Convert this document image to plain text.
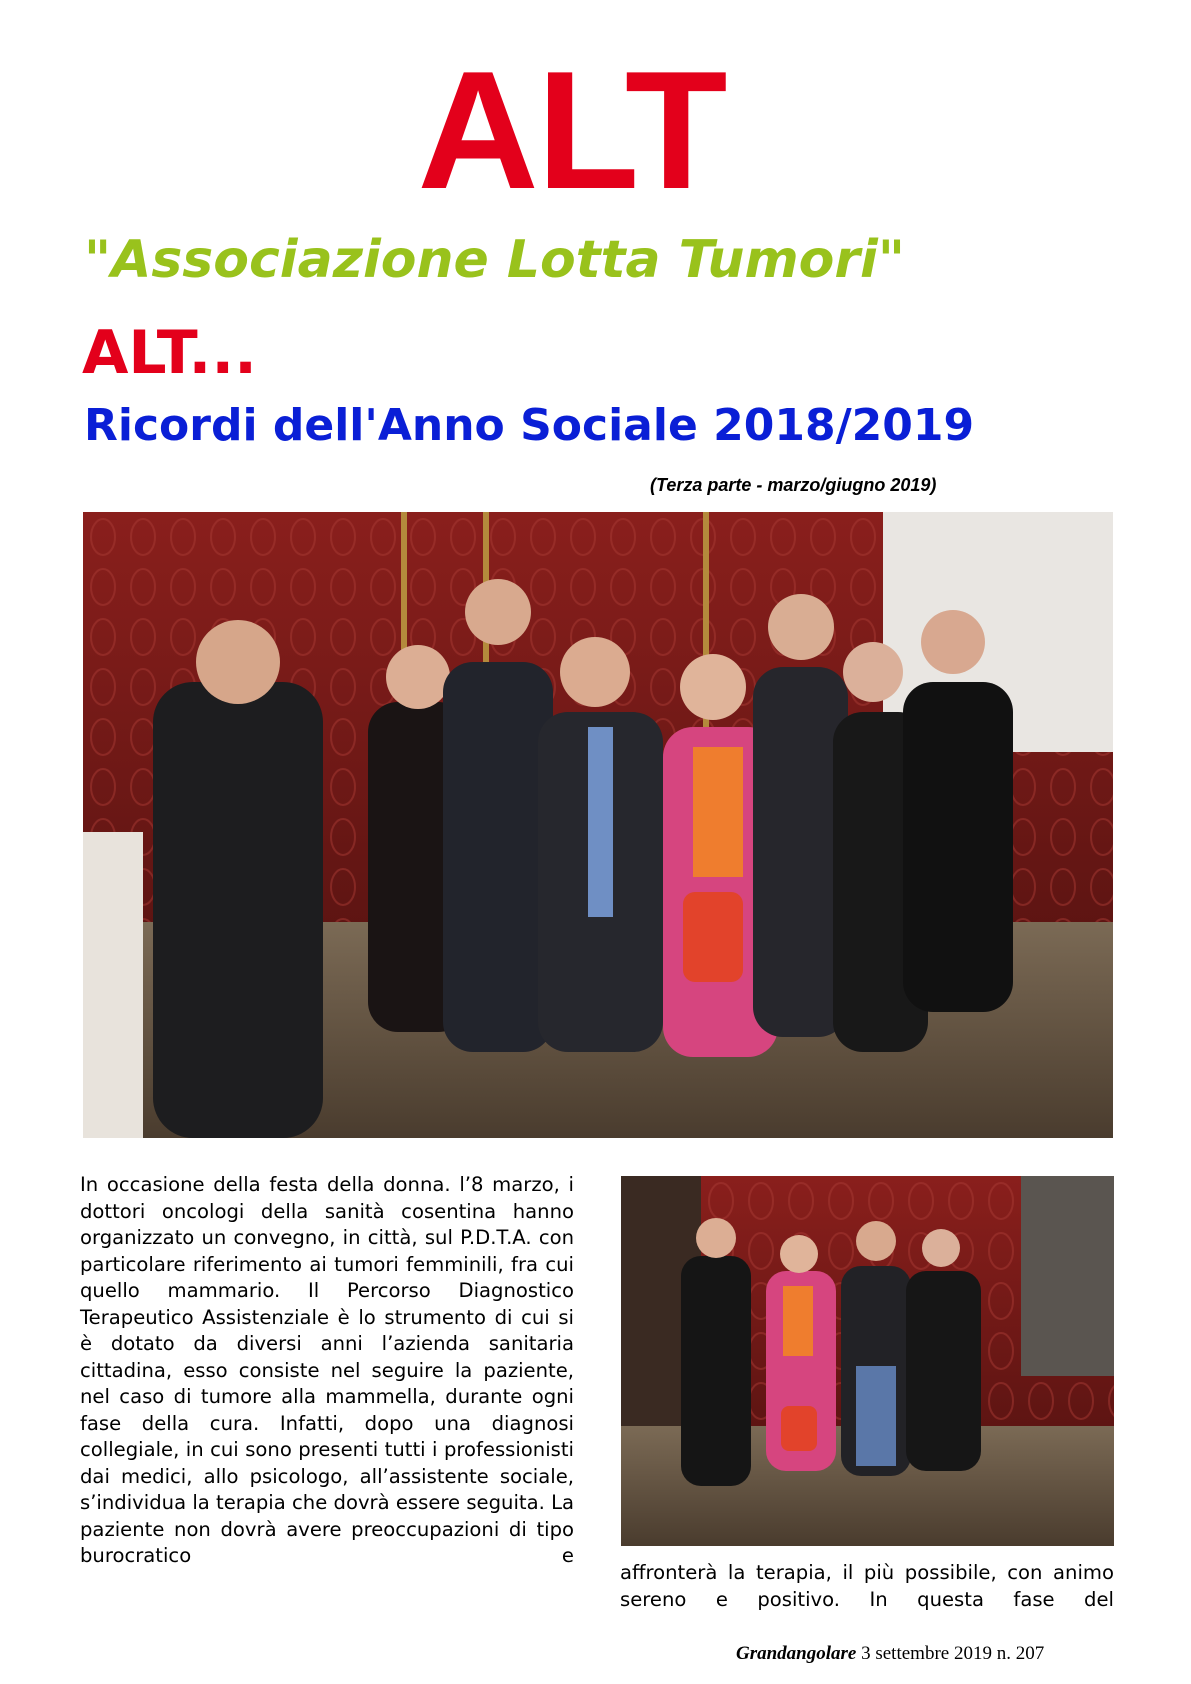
ALT
"Associazione Lotta Tumori"
ALT...
Ricordi dell'Anno Sociale 2018/2019
(Terza parte - marzo/giugno 2019)
In occasione della festa della donna. l’8 marzo, i dottori oncologi della sanità cosentina hanno organizzato un convegno, in città, sul P.D.T.A. con particolare riferimento ai tumori femminili, fra cui quello mammario. Il Percorso Diagnostico Terapeutico Assistenziale è lo strumento di cui si è dotato da diversi anni l’azienda sanitaria cittadina, esso consiste nel seguire la paziente, nel caso di tumore alla mammella, durante ogni fase della cura. Infatti, dopo una diagnosi collegiale, in cui sono presenti tutti i professionisti dai medici, allo psicologo, all’assistente sociale, s’individua la terapia che dovrà essere seguita. La paziente non dovrà avere preoccupazioni di tipo burocratico e
affronterà la terapia, il più possibile, con animo sereno e positivo. In questa fase del
Grandangolare 3 settembre 2019 n. 207
